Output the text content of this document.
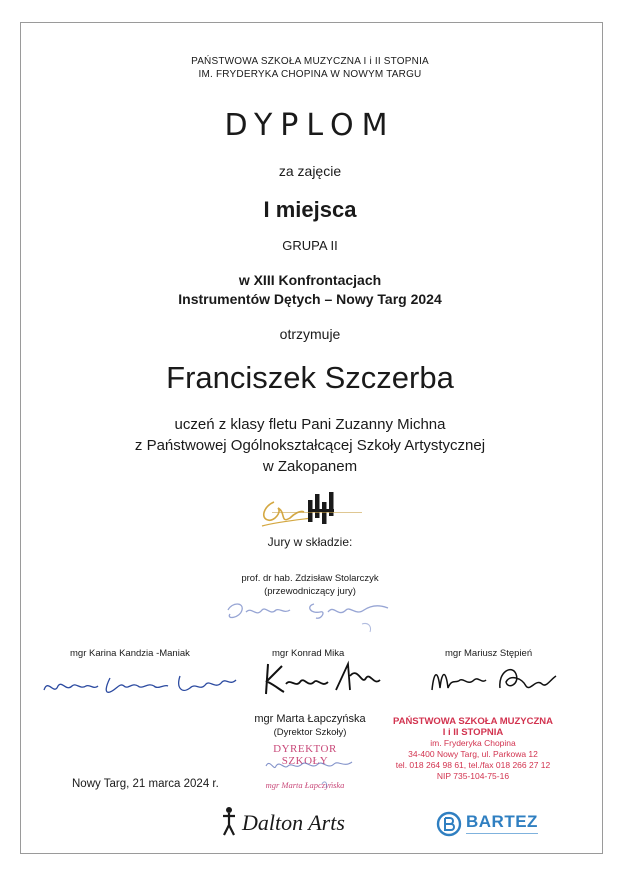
PAŃSTWOWA SZKOŁA MUZYCZNA I i II STOPNIA
IM. FRYDERYKA CHOPINA W NOWYM TARGU
DYPLOM
za zajęcie
I miejsca
GRUPA II
w XIII Konfrontacjach
Instrumentów Dętych – Nowy Targ 2024
otrzymuje
Franciszek Szczerba
uczeń z klasy fletu Pani Zuzanny Michna
z Państwowej Ogólnokształcącej Szkoły Artystycznej
w Zakopanem
Jury w składzie:
prof. dr hab. Zdzisław Stolarczyk
(przewodniczący jury)
mgr Karina Kandzia -Maniak	mgr Konrad Mika	mgr Mariusz Stępień
mgr Marta Łapczyńska
(Dyrektor Szkoły)
DYREKTOR SZKOŁY
mgr Marta Łapczyńska
PAŃSTWOWA SZKOŁA MUZYCZNA
I i II STOPNIA
im. Fryderyka Chopina
34-400 Nowy Targ, ul. Parkowa 12
tel. 018 264 98 61, tel./fax 018 266 27 12
NIP 735-104-75-16
Nowy Targ, 21 marca 2024 r.
Dalton Arts	BARTEZ
